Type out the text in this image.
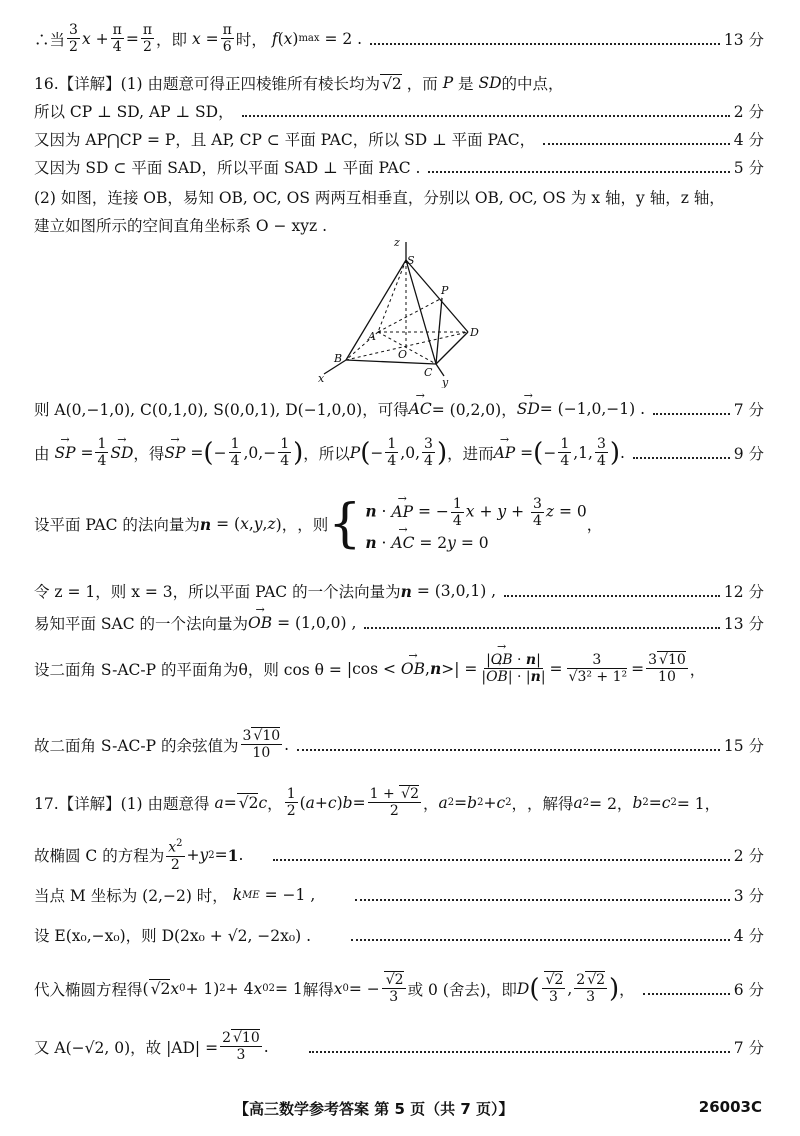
∴当 $\frac{3}{2}$ $x + \frac{\pi}{4} = \frac{\pi}{2}$ ， 即
$x = \frac{\pi}{6}$ 时，
f ( x ) max = 2 .	13 分
16.【详解】(1) 由题意可得正四棱锥所有棱长均为 √2
，而
P 是 SD 的中点，
所以 CP ⊥ SD, AP ⊥ SD，	2 分
又因为 AP⋂CP = P，且 AP, CP ⊂ 平面 PAC，所以 SD ⊥ 平面 PAC，	4 分
又因为 SD ⊂ 平面 SAD，所以平面 SAD ⊥ 平面 PAC .	5 分
(2) 如图，连接 OB，易知 OB, OC, OS 两两互相垂直，分别以 OB, OC, OS 为 x 轴，y 轴，z 轴，
建立如图所示的空间直角坐标系 O − xyz .
z
S
P
D
A
O
B
C
x	y
则 A(0,−1,0), C(0,1,0), S(0,0,1), D(−1,0,0)，可得 → AC = (0,2,0)， → SD = (−1,0,−1) .	7 分
由
→ SP = $\frac{1}{4}$ → SD ，得 → SP = ( − $\frac{1}{4} ,0,- \frac{1}{4}$ ) ，所以 P ( − $\frac{1}{4} ,0$, $\frac{3}{4}$ ) ，进而 → AP = ( − $\frac{1}{4} ,1$, $\frac{3}{4}$ ) .	9 分
设平面 PAC 的法向量为 n = ( x , y , z )， ，则 { n · → AP = − $\frac{1}{4}$ $x + y + \frac{3}{4}$ z = 0
n · → AC = 2y = 0
，
令 z = 1，则 x = 3，所以平面 PAC 的一个法向量为 n
= (3,0,1) ,	12 分
易知平面 SAC 的一个法向量为 → OB
= (1,0,0) ,	13 分
设二面角 S-AC-P 的平面角为θ，则 cos θ = | cos <
→ OB , n >| = $\frac{|\to OB \cdot n|}{|\to OB| \cdot |n|} = \frac{3}{\text{√3² + 1²}} = \frac{3 √10}{10}$ ，
故二面角 S-AC-P 的余弦值为 $\frac{3 √10}{10}$ .	15 分
17.【详解】(1) 由题意得
a = √2 c ， $\frac{1}{2}$ ( a + c ) $b = \frac{1 + √2}{2}$ ， a 2 = b 2 + c 2 ， ，解得 a 2 = 2， b 2 = c 2 = 1，
故椭圆 C 的方程为 $\frac{x^2}{2} + y$ 2 = 1 .	2 分
当点 M 坐标为 (2,−2) 时，
k ME
= −1 ,	3 分
设 E(x₀,−x₀)，则 D(2x₀ + √2, −2x₀) .	4 分
代入椭圆方程得 ( √2 x 0 + 1) 2 + 4 x 0 2 = 1 解得 x 0 = − $\frac{√2}{3}$ 或 0 (舍去)，即 D ( $\frac{√2}{3}$ , $\frac{2 √2}{3}$ ) ，	6 分
又 A(−√2, 0)，故 $|AD| = \frac{2 √10}{3}$ .	7 分
【高三数学参考答案 第 5 页（共 7 页）】	26003C
